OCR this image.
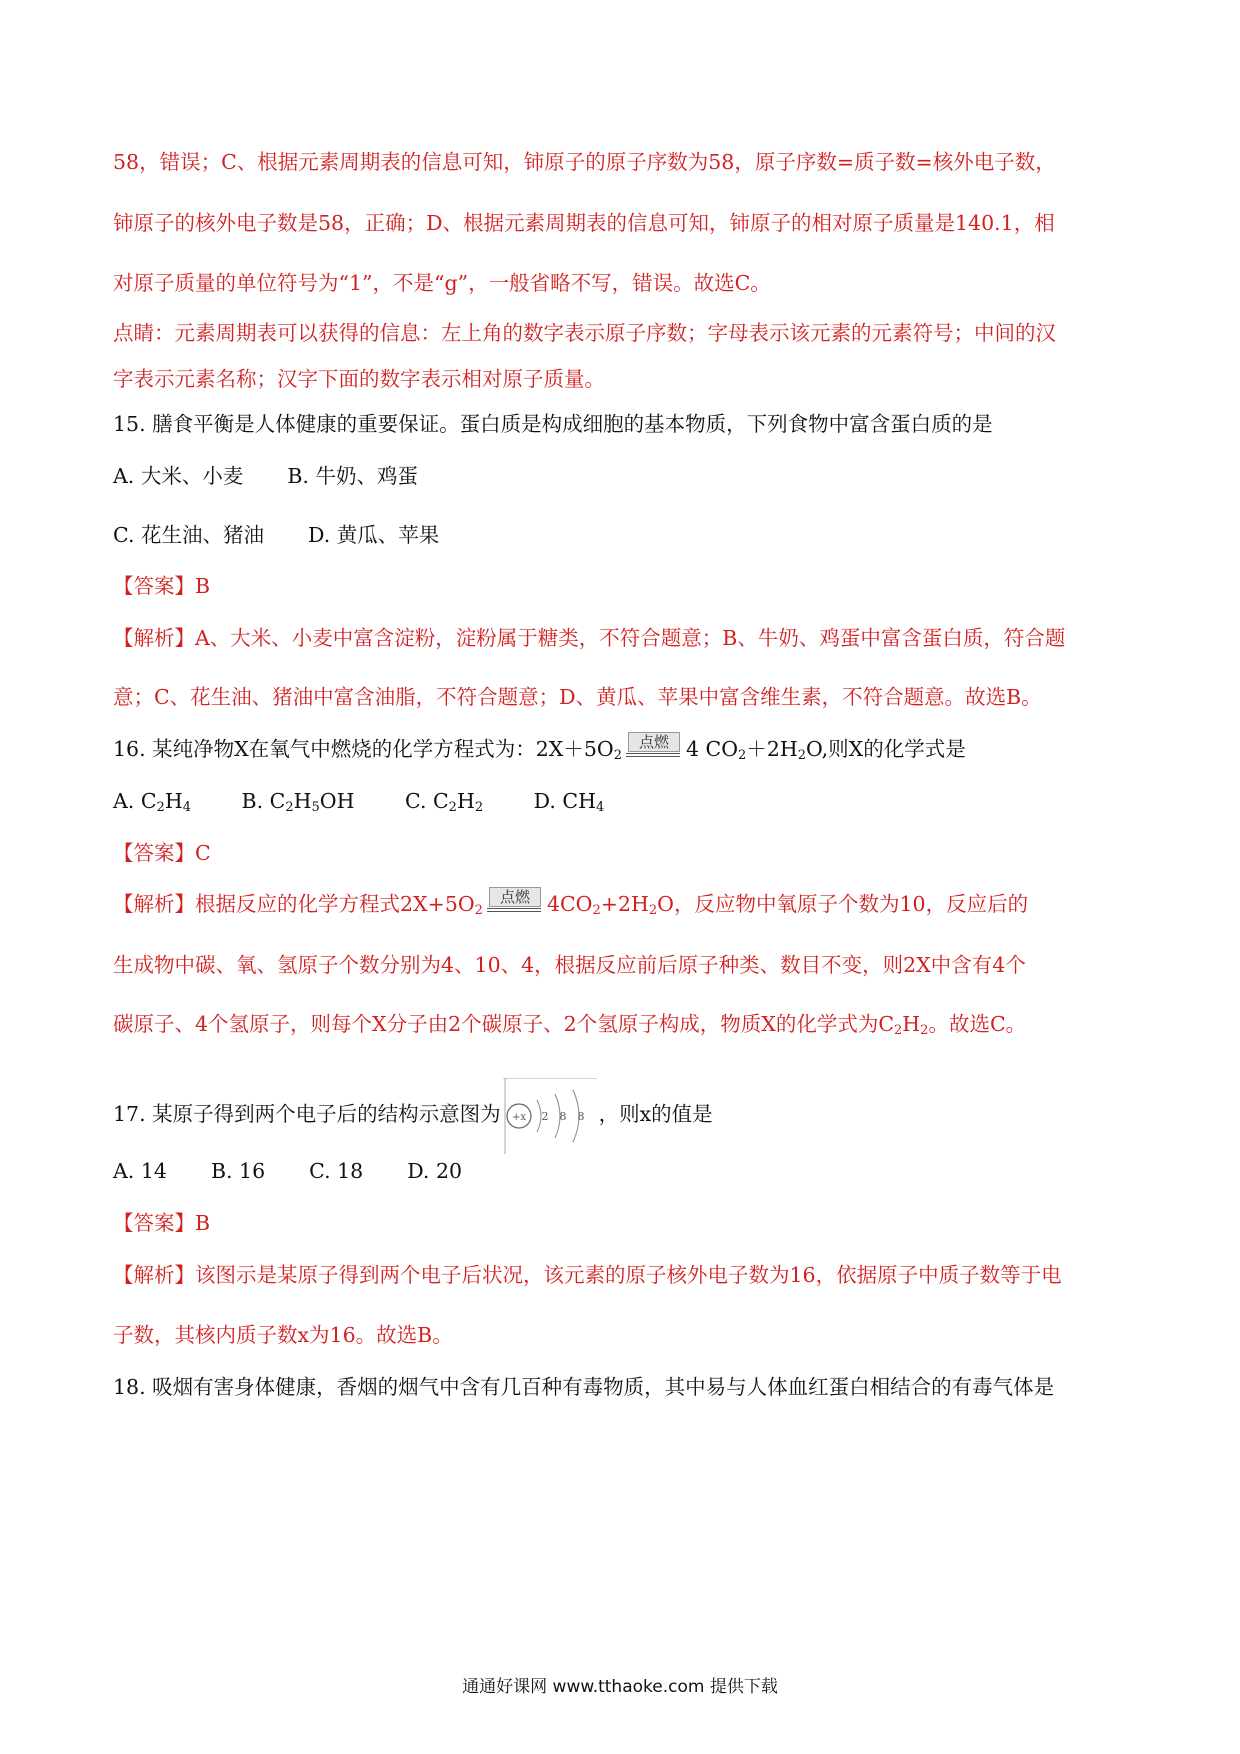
58，错误；C、根据元素周期表的信息可知，铈原子的原子序数为58，原子序数=质子数=核外电子数，
铈原子的核外电子数是58，正确；D、根据元素周期表的信息可知，铈原子的相对原子质量是140.1，相
对原子质量的单位符号为“1”，不是“g”，一般省略不写，错误。故选C。
点睛：元素周期表可以获得的信息：左上角的数字表示原子序数；字母表示该元素的元素符号；中间的汉
字表示元素名称；汉字下面的数字表示相对原子质量。
15. 膳食平衡是人体健康的重要保证。蛋白质是构成细胞的基本物质，下列食物中富含蛋白质的是
A. 大米、小麦 B. 牛奶、鸡蛋
C. 花生油、猪油 D. 黄瓜、苹果
【答案】B
【解析】A、大米、小麦中富含淀粉，淀粉属于糖类，不符合题意；B、牛奶、鸡蛋中富含蛋白质，符合题
意；C、花生油、猪油中富含油脂，不符合题意；D、黄瓜、苹果中富含维生素，不符合题意。故选B。
16. 某纯净物X在氧气中燃烧的化学方程式为：$2X+5O_2$
点燃 4 $CO_2+2H_2O$,则X的化学式是
A. $C_2H_4$ B. $C_2H_5OH$ C. $C_2H_2$ D. $CH_4$
【答案】C
【解析】根据反应的化学方程式$2X+5O_2$
点燃 $4CO_2+2H_2O$，反应物中氧原子个数为10，反应后的
生成物中碳、氧、氢原子个数分别为4、10、4，根据反应前后原子种类、数目不变，则2X中含有4个
碳原子、4个氢原子，则每个X分子由2个碳原子、2个氢原子构成，物质X的化学式为$C_2H_2$。故选C。
17. 某原子得到两个电子后的结构示意图为 +x 2 8 8 ，则x的值是
A. 14 B. 16 C. 18 D. 20
【答案】B
【解析】该图示是某原子得到两个电子后状况，该元素的原子核外电子数为16，依据原子中质子数等于电
子数，其核内质子数x为16。故选B。
18. 吸烟有害身体健康，香烟的烟气中含有几百种有毒物质，其中易与人体血红蛋白相结合的有毒气体是
通通好课网 www.tthaoke.com 提供下载
